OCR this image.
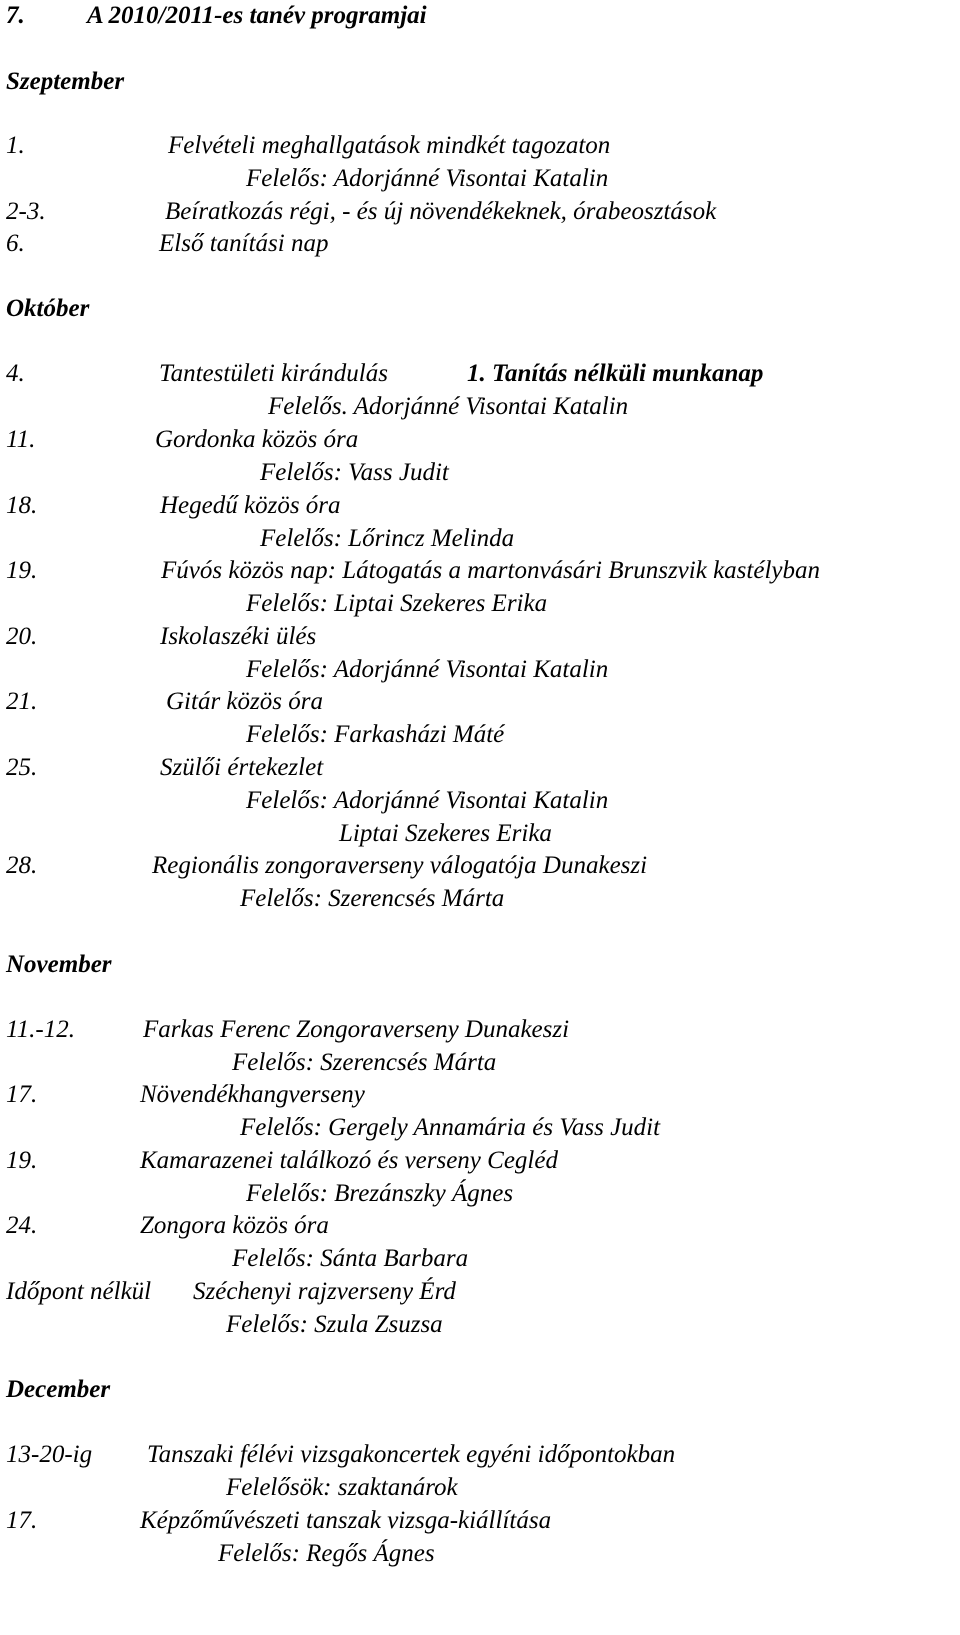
7. A 2010/2011-es tanév programjai
Szeptember
1.	Felvételi meghallgatások mindkét tagozaton
Felelős: Adorjánné Visontai Katalin
2-3.	Beíratkozás régi, - és új növendékeknek, órabeosztások
6.	Első tanítási nap
Október
4.	Tantestületi kirándulás	1. Tanítás nélküli munkanap
Felelős. Adorjánné Visontai Katalin
11.	Gordonka közös óra
Felelős: Vass Judit
18.	Hegedű közös óra
Felelős: Lőrincz Melinda
19.	Fúvós közös nap: Látogatás a martonvásári Brunszvik kastélyban
Felelős: Liptai Szekeres Erika
20.	Iskolaszéki ülés
Felelős: Adorjánné Visontai Katalin
21.	Gitár közös óra
Felelős: Farkasházi Máté
25.	Szülői értekezlet
Felelős: Adorjánné Visontai Katalin
Liptai Szekeres Erika
28.	Regionális zongoraverseny válogatója Dunakeszi
Felelős: Szerencsés Márta
November
11.-12.	Farkas Ferenc Zongoraverseny Dunakeszi
Felelős: Szerencsés Márta
17.	Növendékhangverseny
Felelős: Gergely Annamária és Vass Judit
19.	Kamarazenei találkozó és verseny Cegléd
Felelős: Brezánszky Ágnes
24.	Zongora közös óra
Felelős: Sánta Barbara
Időpont nélkül Széchenyi rajzverseny Érd
Felelős: Szula Zsuzsa
December
13-20-ig Tanszaki félévi vizsgakoncertek egyéni időpontokban
Felelősök: szaktanárok
17.	Képzőművészeti tanszak vizsga-kiállítása
Felelős: Regős Ágnes
